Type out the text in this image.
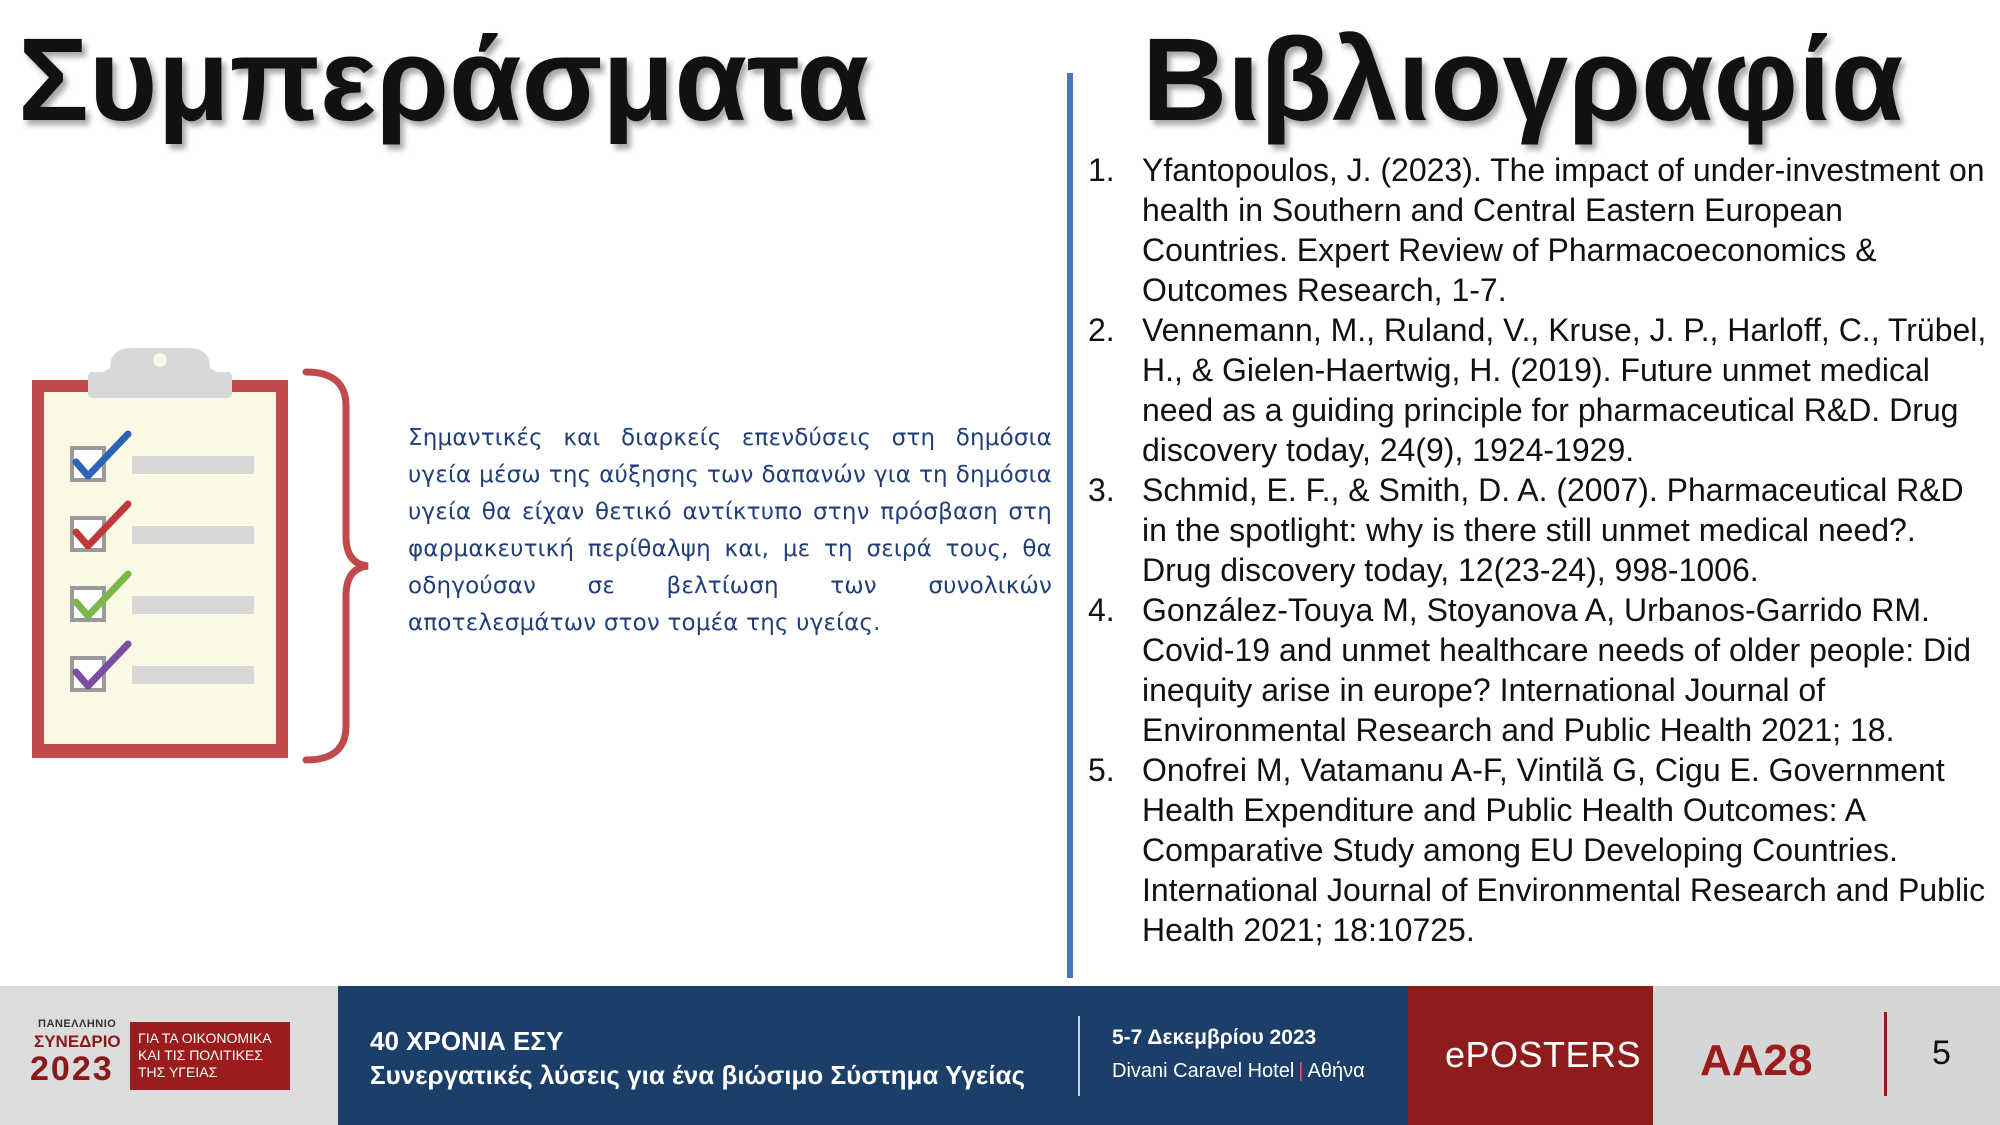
Συμπεράσματα Βιβλιογραφία

Σημαντικές και διαρκείς επενδύσεις στη δημόσια υγεία μέσω της αύξησης των δαπανών για τη δημόσια υγεία θα είχαν θετικό αντίκτυπο στην πρόσβαση στη φαρμακευτική περίθαλψη και, με τη σειρά τους, θα οδηγούσαν σε βελτίωση των συνολικών αποτελεσμάτων στον τομέα της υγείας.

1. Yfantopoulos, J. (2023). The impact of under-investment on health in Southern and Central Eastern European Countries. Expert Review of Pharmacoeconomics & Outcomes Research, 1-7.
2. Vennemann, M., Ruland, V., Kruse, J. P., Harloff, C., Trübel, H., & Gielen-Haertwig, H. (2019). Future unmet medical need as a guiding principle for pharmaceutical R&D. Drug discovery today, 24(9), 1924-1929.
3. Schmid, E. F., & Smith, D. A. (2007). Pharmaceutical R&D in the spotlight: why is there still unmet medical need?. Drug discovery today, 12(23-24), 998-1006.
4. González-Touya M, Stoyanova A, Urbanos-Garrido RM. Covid-19 and unmet healthcare needs of older people: Did inequity arise in europe? International Journal of Environmental Research and Public Health 2021; 18.
5. Onofrei M, Vatamanu A-F, Vintilă G, Cigu E. Government Health Expenditure and Public Health Outcomes: A Comparative Study among EU Developing Countries. International Journal of Environmental Research and Public Health 2021; 18:10725.
ΠΑΝΕΛΛΗΝΙΟ
ΣΥΝΕΔΡΙΟ
2023
ΓΙΑ ΤΑ ΟΙΚΟΝΟΜΙΚΑ
ΚΑΙ ΤΙΣ ΠΟΛΙΤΙΚΕΣ
ΤΗΣ ΥΓΕΙΑΣ
40 ΧΡΟΝΙΑ ΕΣΥ
Συνεργατικές λύσεις για ένα βιώσιμο Σύστημα Υγείας
5-7 Δεκεμβρίου 2023
Divani Caravel Hotel | Αθήνα ePOSTERS AA28	5
